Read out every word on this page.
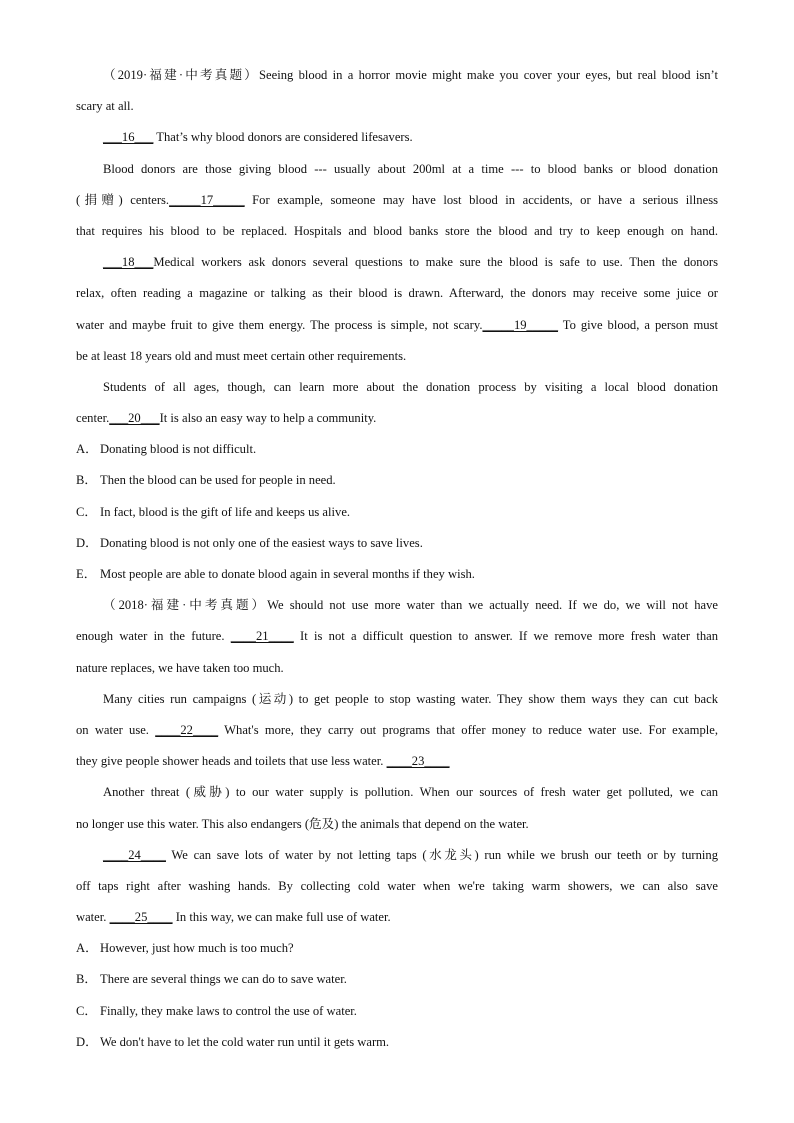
（2019·福建·中考真题）Seeing blood in a horror movie might make you cover your eyes, but real blood isn’t
scary at all.
___16___ That’s why blood donors are considered lifesavers.
Blood donors are those giving blood --- usually about 200ml at a time --- to blood banks or blood donation
(捐赠) centers._____17_____ For example, someone may have lost blood in accidents, or have a serious illness
that requires his blood to be replaced. Hospitals and blood banks store the blood and try to keep enough on hand.
___18___Medical workers ask donors several questions to make sure the blood is safe to use. Then the donors
relax, often reading a magazine or talking as their blood is drawn. Afterward, the donors may receive some juice or
water and maybe fruit to give them energy. The process is simple, not scary._____19_____ To give blood, a person must
be at least 18 years old and must meet certain other requirements.
Students of all ages, though, can learn more about the donation process by visiting a local blood donation
center.___20___It is also an easy way to help a community.
A． Donating blood is not difficult.
B． Then the blood can be used for people in need.
C． In fact, blood is the gift of life and keeps us alive.
D． Donating blood is not only one of the easiest ways to save lives.
E． Most people are able to donate blood again in several months if they wish.
（2018·福建·中考真题）We should not use more water than we actually need. If we do, we will not have
enough water in the future. ____21____ It is not a difficult question to answer. If we remove more fresh water than
nature replaces, we have taken too much.
Many cities run campaigns (运动) to get people to stop wasting water. They show them ways they can cut back
on water use. ____22____ What's more, they carry out programs that offer money to reduce water use. For example,
they give people shower heads and toilets that use less water. ____23____
Another threat (威胁) to our water supply is pollution. When our sources of fresh water get polluted, we can
no longer use this water. This also endangers (危及) the animals that depend on the water.
____24____ We can save lots of water by not letting taps (水龙头) run while we brush our teeth or by turning
off taps right after washing hands. By collecting cold water when we're taking warm showers, we can also save
water. ____25____ In this way, we can make full use of water.
A． However, just how much is too much?
B． There are several things we can do to save water.
C． Finally, they make laws to control the use of water.
D． We don't have to let the cold water run until it gets warm.
